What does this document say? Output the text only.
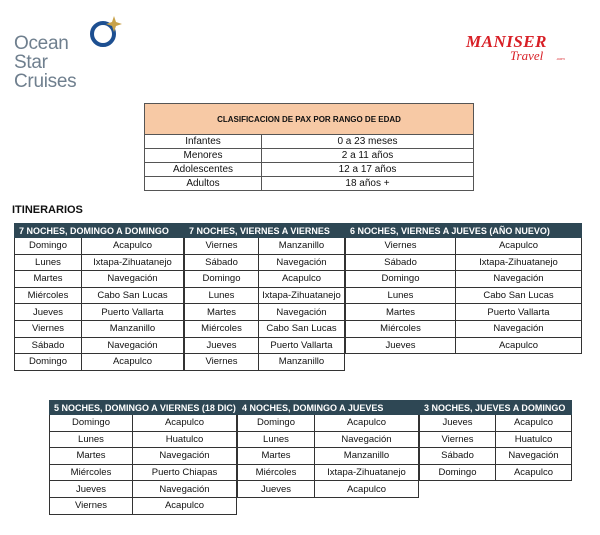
Ocean
Star
Cruises
MANISER
Travel	.com
CLASIFICACION DE PAX POR RANGO DE EDAD	
Infantes	0 a 23 meses
Menores	2 a 11 años
Adolescentes	12 a 17 años
Adultos	18 años +
ITINERARIOS
7 NOCHES, DOMINGO A DOMINGO	
Domingo	Acapulco
Lunes	Ixtapa-Zihuatanejo
Martes	Navegación
Miércoles	Cabo San Lucas
Jueves	Puerto Vallarta
Viernes	Manzanillo
Sábado	Navegación
Domingo	Acapulco
7 NOCHES, VIERNES A VIERNES	
Viernes	Manzanillo
Sábado	Navegación
Domingo	Acapulco
Lunes	Ixtapa-Zihuatanejo
Martes	Navegación
Miércoles	Cabo San Lucas
Jueves	Puerto Vallarta
Viernes	Manzanillo
6 NOCHES, VIERNES A JUEVES (AÑO NUEVO)	
Viernes	Acapulco
Sábado	Ixtapa-Zihuatanejo
Domingo	Navegación
Lunes	Cabo San Lucas
Martes	Puerto Vallarta
Miércoles	Navegación
Jueves	Acapulco
5 NOCHES, DOMINGO A VIERNES (18 DIC)	
Domingo	Acapulco
Lunes	Huatulco
Martes	Navegación
Miércoles	Puerto Chiapas
Jueves	Navegación
Viernes	Acapulco
4 NOCHES, DOMINGO A JUEVES	
Domingo	Acapulco
Lunes	Navegación
Martes	Manzanillo
Miércoles	Ixtapa-Zihuatanejo
Jueves	Acapulco
3 NOCHES, JUEVES A DOMINGO	
Jueves	Acapulco
Viernes	Huatulco
Sábado	Navegación
Domingo	Acapulco
